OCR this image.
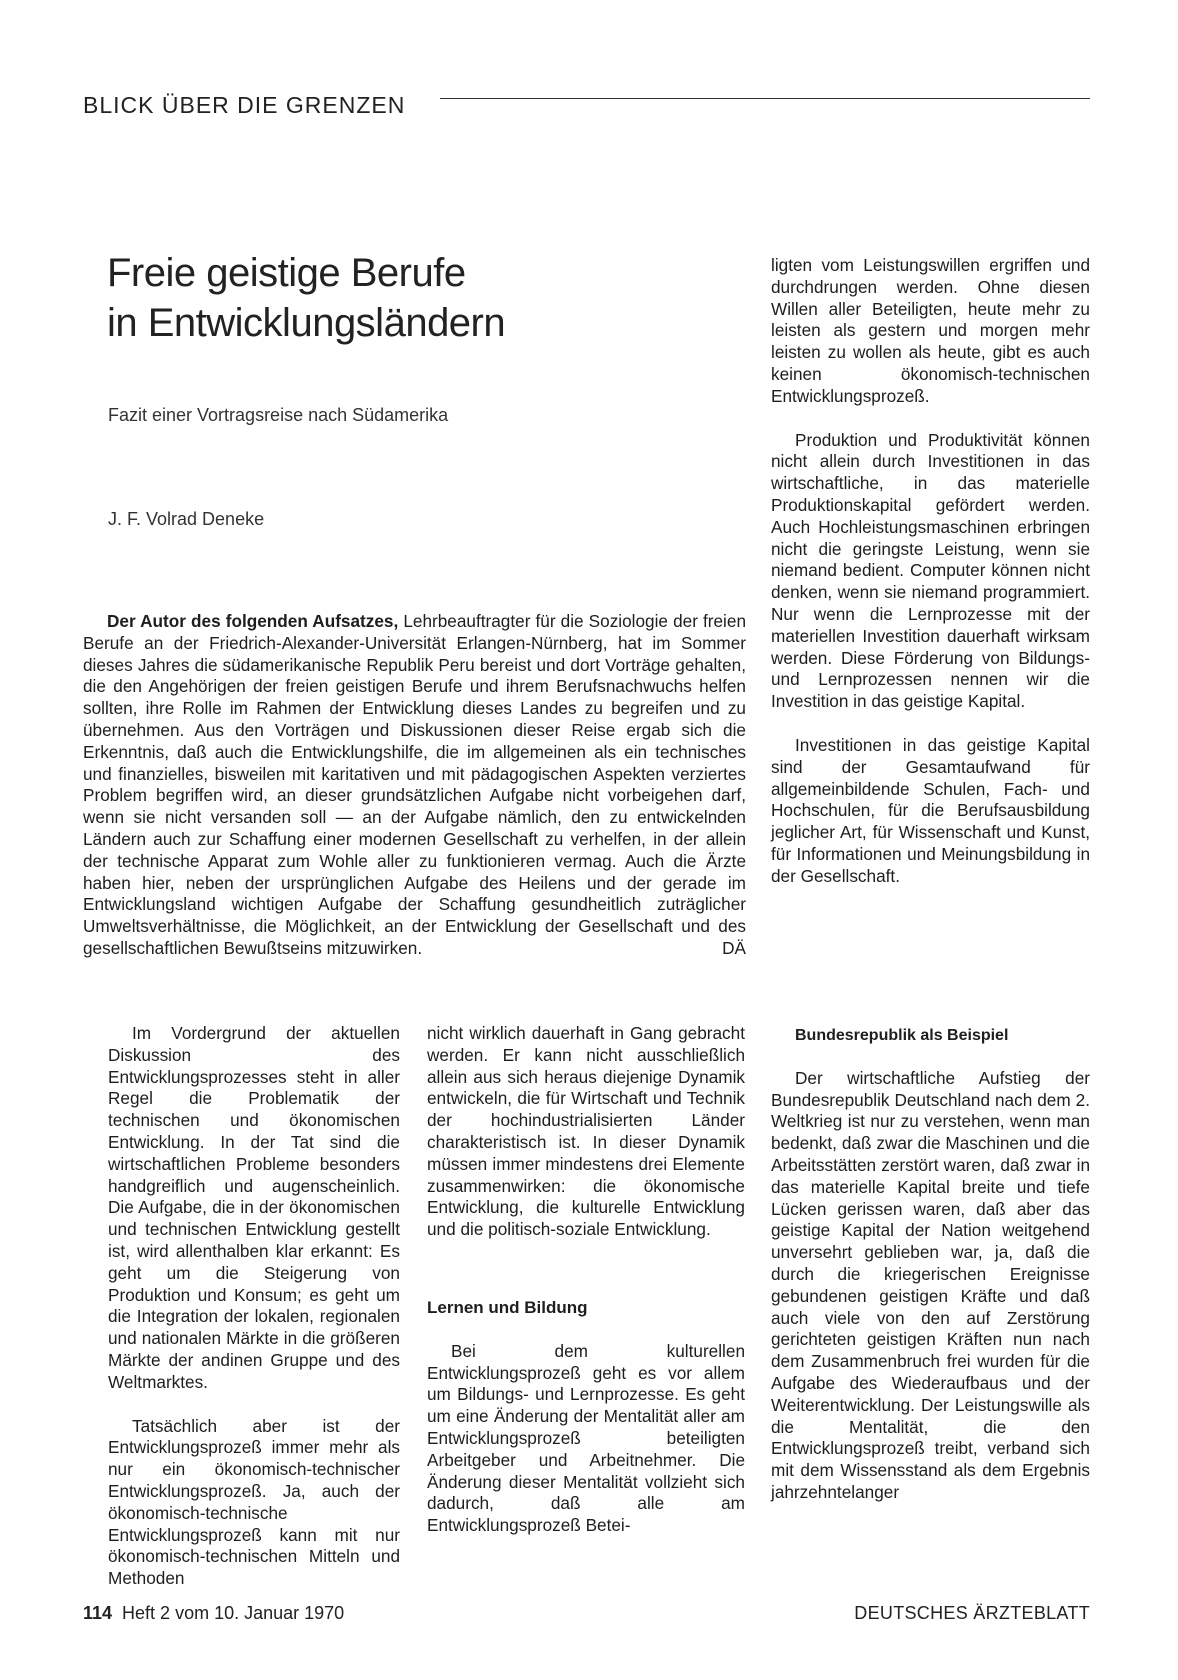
BLICK ÜBER DIE GRENZEN
Freie geistige Berufe
in Entwicklungsländern
Fazit einer Vortragsreise nach Südamerika
J. F. Volrad Deneke

Der Autor des folgenden Aufsatzes, Lehrbeauftragter für die Soziologie der freien Berufe an der Friedrich-Alexander-Universität Erlangen-Nürnberg, hat im Sommer dieses Jahres die südamerikanische Republik Peru bereist und dort Vorträge gehalten, die den Angehörigen der freien geistigen Berufe und ihrem Berufsnachwuchs helfen sollten, ihre Rolle im Rahmen der Entwicklung dieses Landes zu begreifen und zu übernehmen. Aus den Vorträgen und Diskussionen dieser Reise ergab sich die Erkenntnis, daß auch die Entwicklungshilfe, die im allgemeinen als ein technisches und finanzielles, bisweilen mit karitativen und mit pädagogischen Aspekten verziertes Problem begriffen wird, an dieser grundsätzlichen Aufgabe nicht vorbeigehen darf, wenn sie nicht versanden soll — an der Aufgabe nämlich, den zu entwickelnden Ländern auch zur Schaffung einer modernen Gesellschaft zu verhelfen, in der allein der technische Apparat zum Wohle aller zu funktionieren vermag. Auch die Ärzte haben hier, neben der ursprünglichen Aufgabe des Heilens und der gerade im Entwicklungsland wichtigen Aufgabe der Schaffung gesundheitlich zuträglicher Umweltsverhältnisse, die Möglichkeit, an der Entwicklung der Gesellschaft und des gesellschaftlichen Bewußtseins mitzuwirken.	DÄ

ligten vom Leistungswillen ergriffen und durchdrungen werden. Ohne diesen Willen aller Beteiligten, heute mehr zu leisten als gestern und morgen mehr leisten zu wollen als heute, gibt es auch keinen ökonomisch-technischen Entwicklungsprozeß.

Produktion und Produktivität können nicht allein durch Investitionen in das wirtschaftliche, in das materielle Produktionskapital gefördert werden. Auch Hochleistungsmaschinen erbringen nicht die geringste Leistung, wenn sie niemand bedient. Computer können nicht denken, wenn sie niemand programmiert. Nur wenn die Lernprozesse mit der materiellen Investition dauerhaft wirksam werden. Diese Förderung von Bildungs- und Lernprozessen nennen wir die Investition in das geistige Kapital.

Investitionen in das geistige Kapital sind der Gesamtaufwand für allgemeinbildende Schulen, Fach- und Hochschulen, für die Berufsausbildung jeglicher Art, für Wissenschaft und Kunst, für Informationen und Meinungsbildung in der Gesellschaft.

Im Vordergrund der aktuellen Diskussion des Entwicklungsprozesses steht in aller Regel die Problematik der technischen und ökonomischen Entwicklung. In der Tat sind die wirtschaftlichen Probleme besonders handgreiflich und augenscheinlich. Die Aufgabe, die in der ökonomischen und technischen Entwicklung gestellt ist, wird allenthalben klar erkannt: Es geht um die Steigerung von Produktion und Konsum; es geht um die Integration der lokalen, regionalen und nationalen Märkte in die größeren Märkte der andinen Gruppe und des Weltmarktes.

Tatsächlich aber ist der Entwicklungsprozeß immer mehr als nur ein ökonomisch-technischer Entwicklungsprozeß. Ja, auch der ökonomisch-technische Entwicklungsprozeß kann mit nur ökonomisch-technischen Mitteln und Methoden

nicht wirklich dauerhaft in Gang gebracht werden. Er kann nicht ausschließlich allein aus sich heraus diejenige Dynamik entwickeln, die für Wirtschaft und Technik der hochindustrialisierten Länder charakteristisch ist. In dieser Dynamik müssen immer mindestens drei Elemente zusammenwirken: die ökonomische Entwicklung, die kulturelle Entwicklung und die politisch-soziale Entwicklung.

Lernen und Bildung

Bei dem kulturellen Entwicklungsprozeß geht es vor allem um Bildungs- und Lernprozesse. Es geht um eine Änderung der Mentalität aller am Entwicklungsprozeß beteiligten Arbeitgeber und Arbeitnehmer. Die Änderung dieser Mentalität vollzieht sich dadurch, daß alle am Entwicklungsprozeß Betei-

Bundesrepublik als Beispiel

Der wirtschaftliche Aufstieg der Bundesrepublik Deutschland nach dem 2. Weltkrieg ist nur zu verstehen, wenn man bedenkt, daß zwar die Maschinen und die Arbeitsstätten zerstört waren, daß zwar in das materielle Kapital breite und tiefe Lücken gerissen waren, daß aber das geistige Kapital der Nation weitgehend unversehrt geblieben war, ja, daß die durch die kriegerischen Ereignisse gebundenen geistigen Kräfte und daß auch viele von den auf Zerstörung gerichteten geistigen Kräften nun nach dem Zusammenbruch frei wurden für die Aufgabe des Wiederaufbaus und der Weiterentwicklung. Der Leistungswille als die Mentalität, die den Entwicklungsprozeß treibt, verband sich mit dem Wissensstand als dem Ergebnis jahrzehntelanger

114 Heft 2 vom 10. Januar 1970	DEUTSCHES ÄRZTEBLATT
